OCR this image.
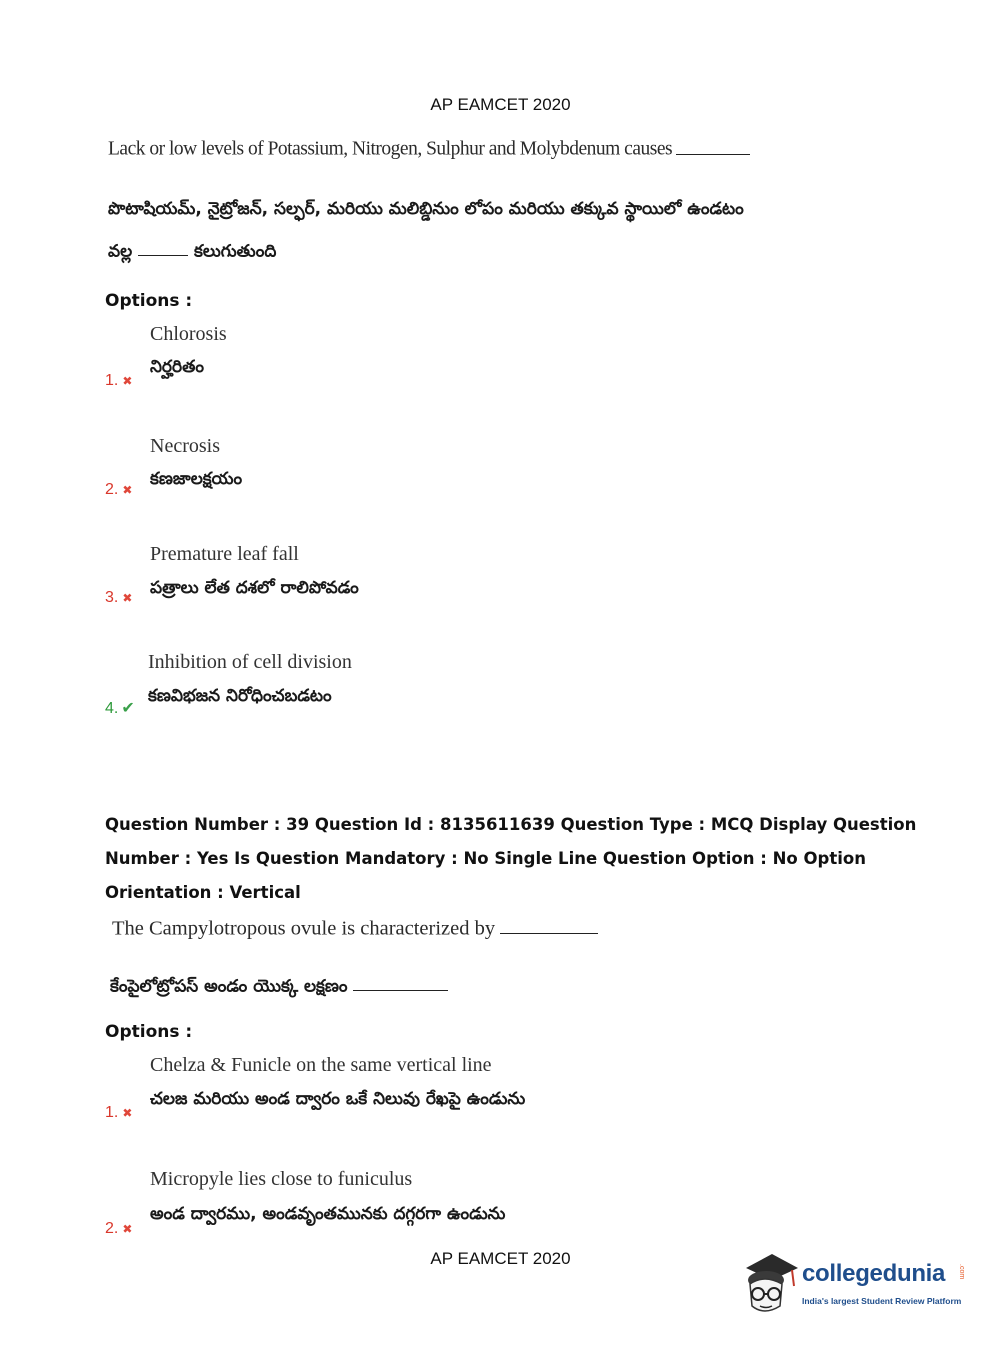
AP EAMCET 2020
Lack or low levels of Potassium, Nitrogen, Sulphur and Molybdenum causes
పొటాషియమ్, నైట్రోజన్, సల్ఫర్, మరియు మలిబ్డినుం లోపం మరియు తక్కువ స్థాయిలో ఉండటం
వల్ల	కలుగుతుంది
Options :
Chlorosis
నిర్హరితం
1. ✖
Necrosis
కణజాలక్షయం
2. ✖
Premature leaf fall
పత్రాలు లేత దశలో రాలిపోవడం
3. ✖
Inhibition of cell division
కణవిభజన నిరోధించబడటం
4. ✔
Question Number : 39 Question Id : 8135611639 Question Type : MCQ Display Question
Number : Yes Is Question Mandatory : No Single Line Question Option : No Option
Orientation : Vertical
The Campylotropous ovule is characterized by
కేంపైలోట్రోపస్ అండం యొక్క లక్షణం
Options :
Chelza & Funicle on the same vertical line
చలజ మరియు అండ ద్వారం ఒకే నిలువు రేఖపై ఉండును
1. ✖
Micropyle lies close to funiculus
అండ ద్వారము, అండవృంతమునకు దగ్గరగా ఉండును
2. ✖
AP EAMCET 2020
collegedunia .com
India's largest Student Review Platform
